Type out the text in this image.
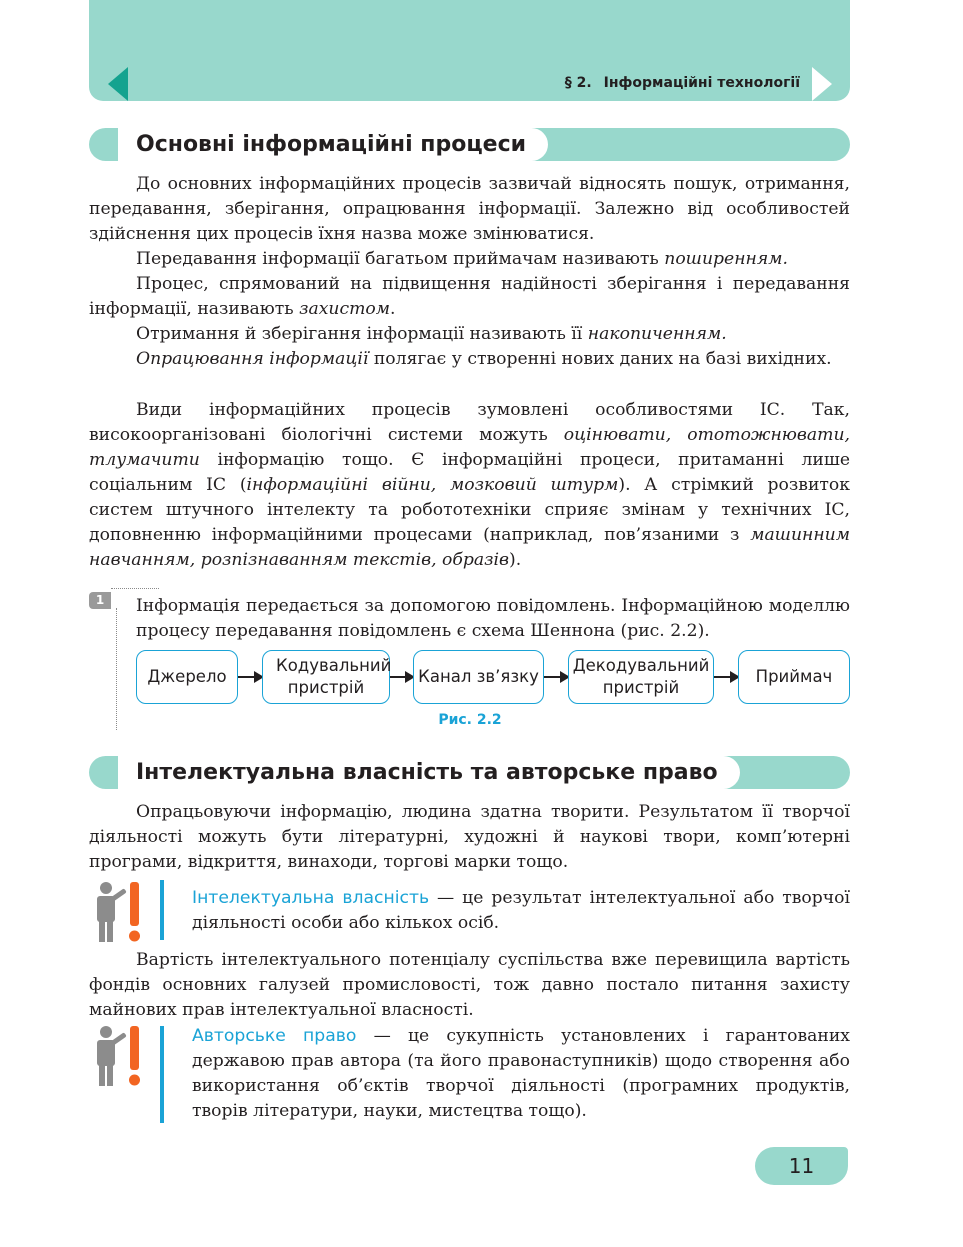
§ 2. Інформаційні технології
Основні інформаційні процеси

До основних інформаційних процесів зазвичай відносять пошук, отримання, передавання, зберігання, опрацювання інформації. Залежно від особливостей здійснення цих процесів їхня назва може змінюватися.

Передавання інформації багатьом приймачам називають поширенням.

Процес, спрямований на підвищення надійності зберігання і передавання інформації, називають захистом.

Отримання й зберігання інформації називають її накопиченням.

Опрацювання інформації полягає у створенні нових даних на базі вихідних.

Види інформаційних процесів зумовлені особливостями ІС. Так, високоорганізовані біологічні системи можуть оцінювати, ототожнювати, тлумачити інформацію тощо. Є інформаційні процеси, притаманні лише соціальним ІС (інформаційні війни, мозковий штурм). А стрімкий розвиток систем штучного інтелекту та робототехніки сприяє змінам у технічних ІС, доповненню інформаційними процесами (наприклад, пов’язаними з машинним навчанням, розпізнаванням текстів, образів).

1	Інформація передається за допомогою повідомлень. Інформаційною моделлю процесу передавання повідомлень є схема Шеннона (рис. 2.2).

Джерело
Кодувальний пристрій
Канал зв’язку
Декодувальний пристрій
Приймач
Рис. 2.2
Інтелектуальна власність та авторське право

Опрацьовуючи інформацію, людина здатна творити. Результатом її творчої діяльності можуть бути літературні, художні й наукові твори, комп’ютерні програми, відкриття, винаходи, торгові марки тощо.

Інтелектуальна власність — це результат інтелектуальної або творчої діяльності особи або кількох осіб.

Вартість інтелектуального потенціалу суспільства вже перевищила вартість фондів основних галузей промисловості, тож давно постало питання захисту майнових прав інтелектуальної власності.

Авторське право — це сукупність установлених і гарантованих державою прав автора (та його правонаступників) щодо створення або використання об’єктів творчої діяльності (програмних продуктів, творів літератури, науки, мистецтва тощо).

11
